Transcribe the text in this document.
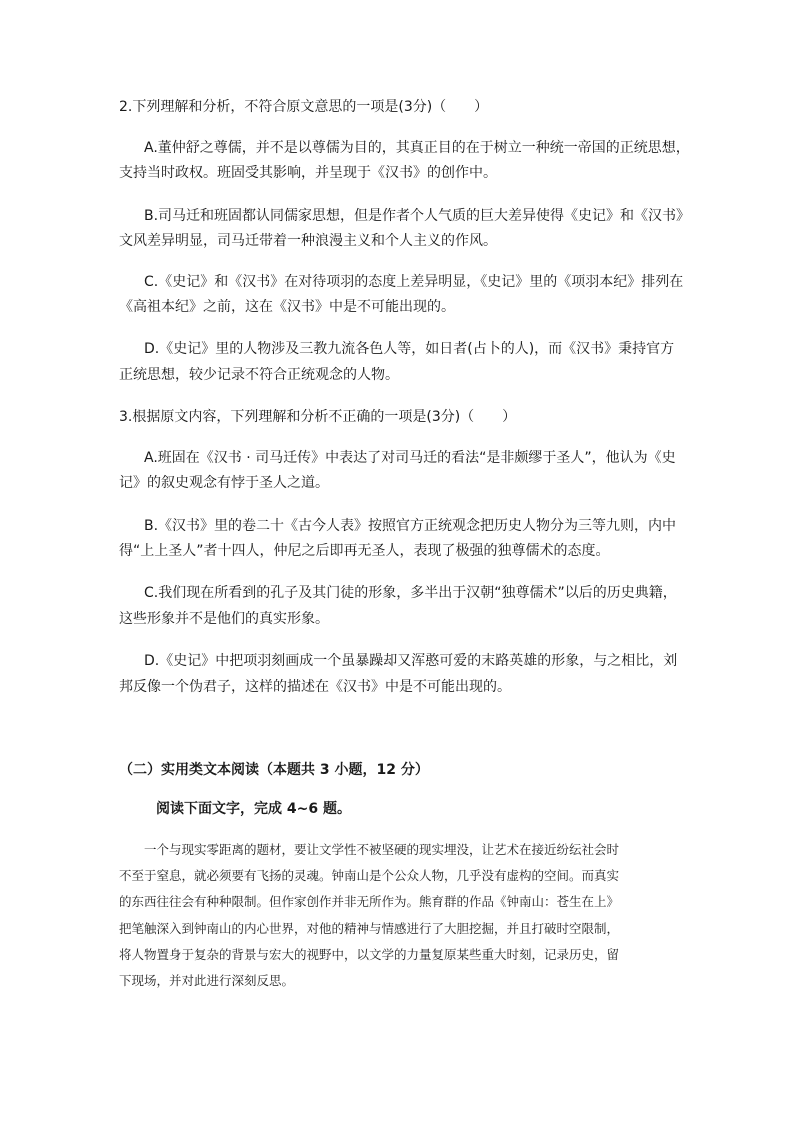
2.下列理解和分析，不符合原文意思的一项是(3分)（　　）
A.董仲舒之尊儒，并不是以尊儒为目的，其真正目的在于树立一种统一帝国的正统思想，
支持当时政权。班固受其影响，并呈现于《汉书》的创作中。
B.司马迁和班固都认同儒家思想，但是作者个人气质的巨大差异使得《史记》和《汉书》
文风差异明显，司马迁带着一种浪漫主义和个人主义的作风。
C.《史记》和《汉书》在对待项羽的态度上差异明显，《史记》里的《项羽本纪》排列在
《高祖本纪》之前，这在《汉书》中是不可能出现的。
D.《史记》里的人物涉及三教九流各色人等，如日者(占卜的人)，而《汉书》秉持官方
正统思想，较少记录不符合正统观念的人物。
3.根据原文内容，下列理解和分析不正确的一项是(3分)（　　）
A.班固在《汉书 · 司马迁传》中表达了对司马迁的看法“是非颇缪于圣人”，他认为《史
记》的叙史观念有悖于圣人之道。
B.《汉书》里的卷二十《古今人表》按照官方正统观念把历史人物分为三等九则，内中
得“上上圣人”者十四人，仲尼之后即再无圣人，表现了极强的独尊儒术的态度。
C.我们现在所看到的孔子及其门徒的形象，多半出于汉朝“独尊儒术”以后的历史典籍，
这些形象并不是他们的真实形象。
D.《史记》中把项羽刻画成一个虽暴躁却又浑憨可爱的末路英雄的形象，与之相比，刘
邦反像一个伪君子，这样的描述在《汉书》中是不可能出现的。
（二）实用类文本阅读（本题共 3 小题，12 分）
阅读下面文字，完成 4~6 题。
一个与现实零距离的题材，要让文学性不被坚硬的现实埋没，让艺术在接近纷纭社会时
不至于窒息，就必须要有飞扬的灵魂。钟南山是个公众人物，几乎没有虚构的空间。而真实
的东西往往会有种种限制。但作家创作并非无所作为。熊育群的作品《钟南山：苍生在上》
把笔触深入到钟南山的内心世界，对他的精神与情感进行了大胆挖掘，并且打破时空限制，
将人物置身于复杂的背景与宏大的视野中，以文学的力量复原某些重大时刻，记录历史，留
下现场，并对此进行深刻反思。
